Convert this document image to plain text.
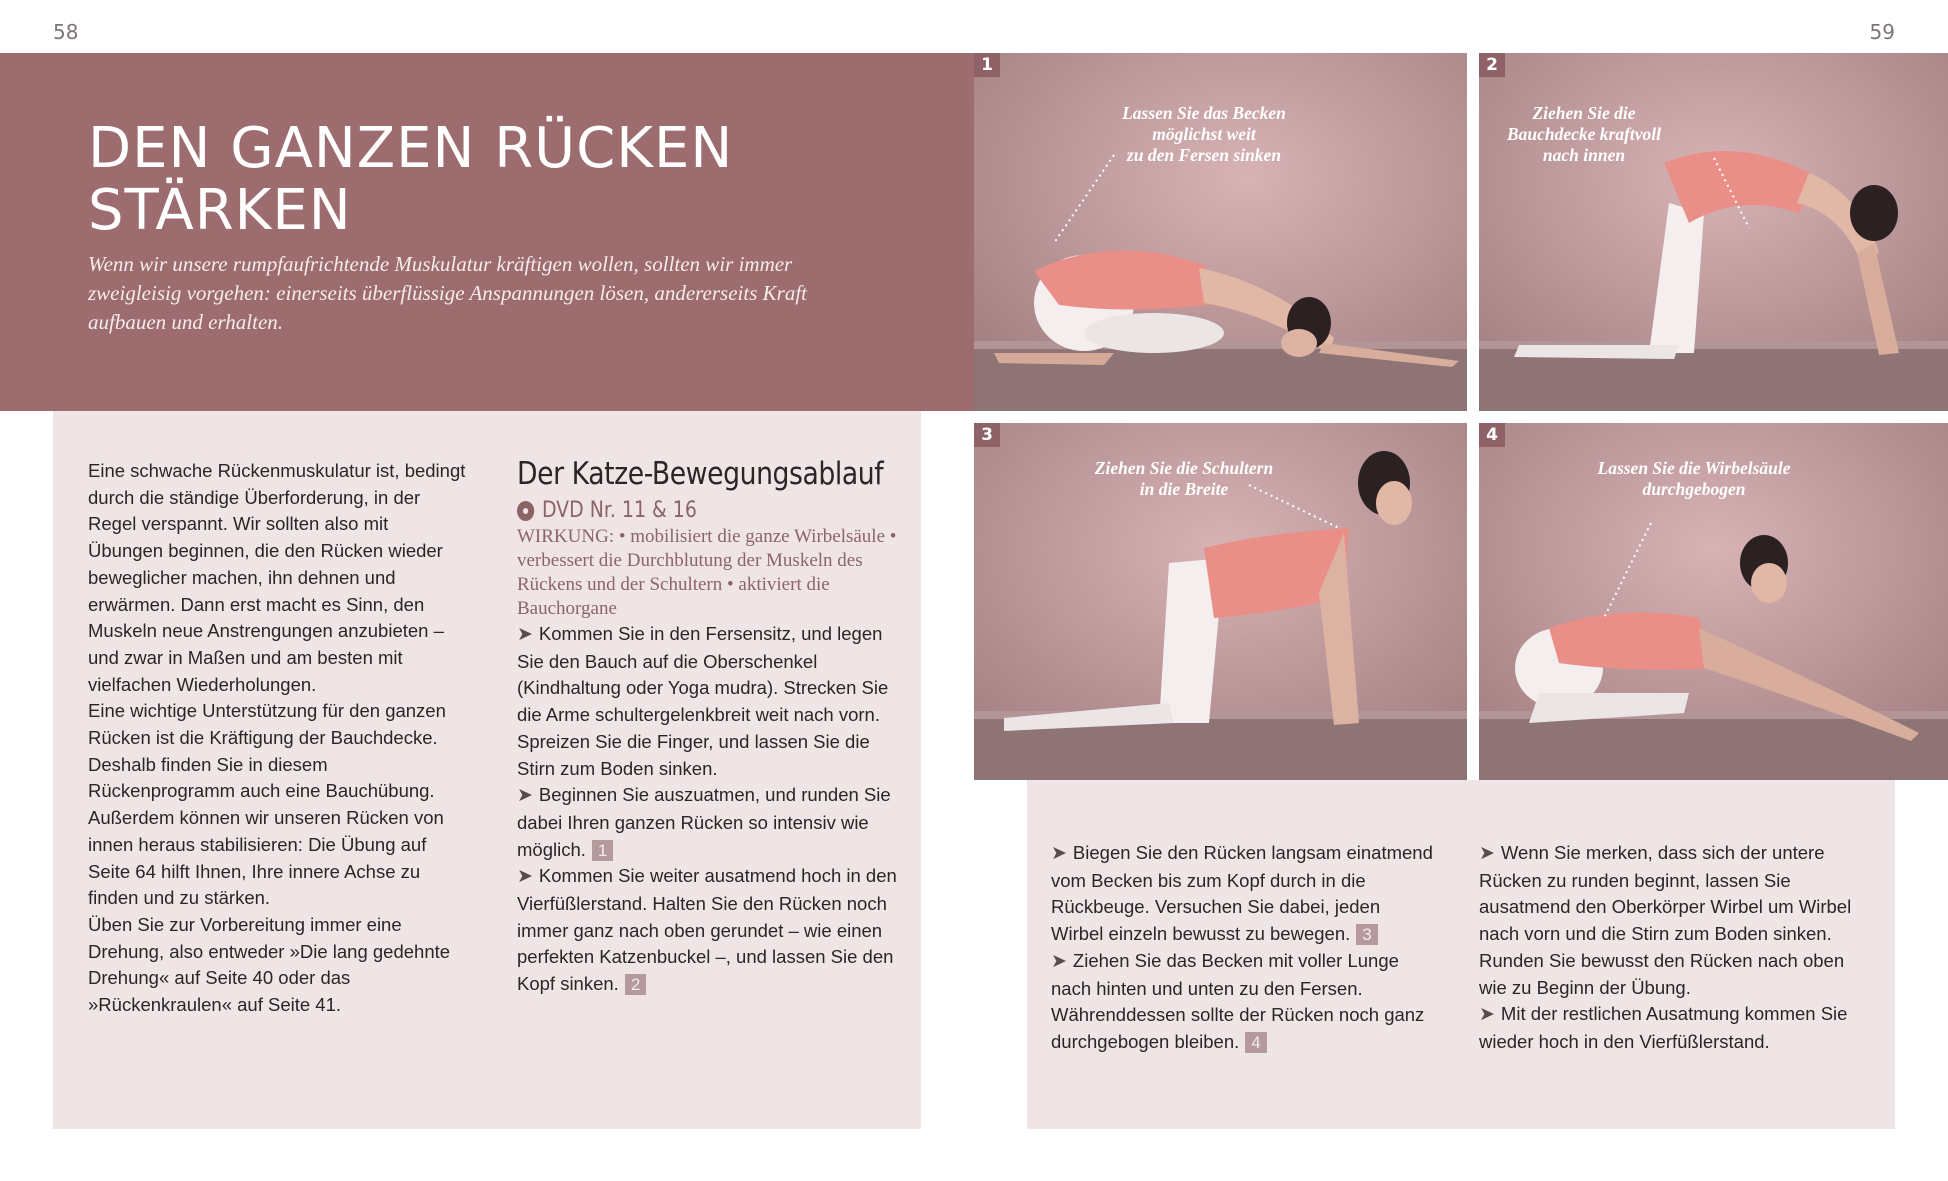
58	59
DEN GANZEN RÜCKEN
STÄRKEN

Wenn wir unsere rumpfaufrichtende Muskulatur kräftigen wollen, sollten wir immer zweigleisig vorgehen: einerseits überflüssige Anspannungen lösen, andererseits Kraft aufbauen und erhalten.

Eine schwache Rückenmuskulatur ist, bedingt durch die ständige Überforderung, in der Regel verspannt. Wir sollten also mit Übungen beginnen, die den Rücken wieder beweglicher machen, ihn dehnen und erwärmen. Dann erst macht es Sinn, den Muskeln neue Anstrengungen anzubieten – und zwar in Maßen und am besten mit vielfachen Wiederholungen.

Eine wichtige Unterstützung für den ganzen Rücken ist die Kräftigung der Bauchdecke. Deshalb finden Sie in diesem Rückenprogramm auch eine Bauchübung.

Außerdem können wir unseren Rücken von innen heraus stabilisieren: Die Übung auf Seite 64 hilft Ihnen, Ihre innere Achse zu finden und zu stärken.

Üben Sie zur Vorbereitung immer eine Drehung, also entweder »Die lang gedehnte Drehung« auf Seite 40 oder das »Rückenkraulen« auf Seite 41.

Der Katze-Bewegungsablauf
DVD Nr. 11 & 16

WIRKUNG: • mobilisiert die ganze Wirbelsäule • verbessert die Durchblutung der Muskeln des Rückens und der Schultern • aktiviert die Bauchorgane

➤ Kommen Sie in den Fersensitz, und legen Sie den Bauch auf die Oberschenkel (Kindhaltung oder Yoga mudra). Strecken Sie die Arme schultergelenkbreit weit nach vorn. Spreizen Sie die Finger, und lassen Sie die Stirn zum Boden sinken.

➤ Beginnen Sie auszuatmen, und runden Sie dabei Ihren ganzen Rücken so intensiv wie möglich. 1

➤ Kommen Sie weiter ausatmend hoch in den Vierfüßlerstand. Halten Sie den Rücken noch immer ganz nach oben gerundet – wie einen perfekten Katzenbuckel –, und lassen Sie den Kopf sinken. 2

➤ Biegen Sie den Rücken langsam einatmend vom Becken bis zum Kopf durch in die Rückbeuge. Versuchen Sie dabei, jeden Wirbel einzeln bewusst zu bewegen. 3

➤ Ziehen Sie das Becken mit voller Lunge nach hinten und unten zu den Fersen. Währenddessen sollte der Rücken noch ganz durchgebogen bleiben. 4

➤ Wenn Sie merken, dass sich der untere Rücken zu runden beginnt, lassen Sie ausatmend den Oberkörper Wirbel um Wirbel nach vorn und die Stirn zum Boden sinken. Runden Sie bewusst den Rücken nach oben wie zu Beginn der Übung.

➤ Mit der restlichen Ausatmung kommen Sie wieder hoch in den Vierfüßlerstand.

1
Lassen Sie das Becken
möglichst weit
zu den Fersen sinken
2
Ziehen Sie die
Bauchdecke kraftvoll
nach innen
3
Ziehen Sie die Schultern
in die Breite
4
Lassen Sie die Wirbelsäule
durchgebogen
